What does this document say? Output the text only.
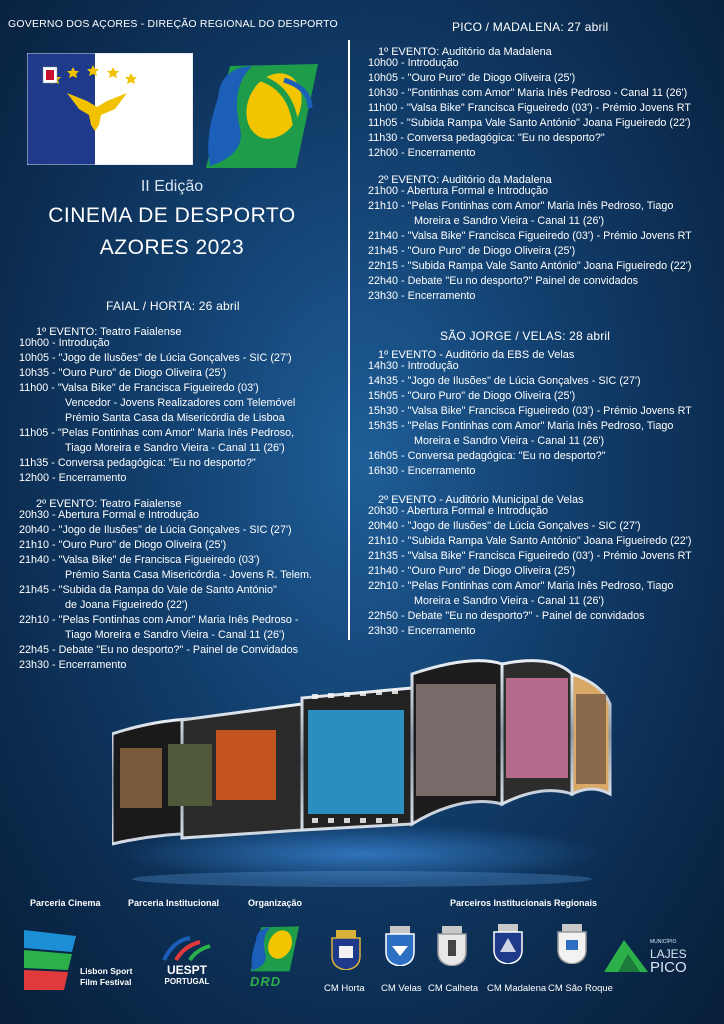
GOVERNO DOS AÇORES - DIREÇÃO REGIONAL DO DESPORTO
II Edição
CINEMA DE DESPORTO
AZORES 2023
FAIAL / HORTA: 26 abril
1º EVENTO: Teatro Faialense
10h00 - Introdução
10h05 - "Jogo de Ilusões" de Lúcia Gonçalves - SIC (27')
10h35 - "Ouro Puro" de Diogo Oliveira (25')
11h00 - "Valsa Bike" de Francisca Figueiredo (03')
Vencedor - Jovens Realizadores com Telemóvel
Prémio Santa Casa da Misericórdia de Lisboa
11h05 - "Pelas Fontinhas com Amor" Maria Inês Pedroso,
Tiago Moreira e Sandro Vieira - Canal 11 (26')
11h35 - Conversa pedagógica: "Eu no desporto?"
12h00 - Encerramento
2º EVENTO: Teatro Faialense
20h30 - Abertura Formal e Introdução
20h40 - "Jogo de Ilusões" de Lúcia Gonçalves - SIC (27')
21h10 - "Ouro Puro" de Diogo Oliveira (25')
21h40 - "Valsa Bike" de Francisca Figueiredo (03')
Prémio Santa Casa Misericórdia - Jovens R. Telem.
21h45 - "Subida da Rampa do Vale de Santo António"
de Joana Figueiredo (22')
22h10 - "Pelas Fontinhas com Amor" Maria Inês Pedroso -
Tiago Moreira e Sandro Vieira - Canal 11 (26')
22h45 - Debate "Eu no desporto?" - Painel de Convidados
23h30 - Encerramento
PICO / MADALENA: 27 abril
1º EVENTO: Auditório da Madalena
10h00 - Introdução
10h05 - "Ouro Puro" de Diogo Oliveira (25')
10h30 - "Fontinhas com Amor" Maria Inês Pedroso - Canal 11 (26')
11h00 - "Valsa Bike" Francisca Figueiredo (03') - Prémio Jovens RT
11h05 - "Subida Rampa Vale Santo António" Joana Figueiredo (22')
11h30 - Conversa pedagógica: "Eu no desporto?"
12h00 - Encerramento
2º EVENTO: Auditório da Madalena
21h00 - Abertura Formal e Introdução
21h10 - "Pelas Fontinhas com Amor" Maria Inês Pedroso, Tiago
Moreira e Sandro Vieira - Canal 11 (26')
21h40 - "Valsa Bike" Francisca Figueiredo (03') - Prémio Jovens RT
21h45 - "Ouro Puro" de Diogo Oliveira (25')
22h15 - "Subida Rampa Vale Santo António" Joana Figueiredo (22')
22h40 - Debate "Eu no desporto?" Painel de convidados
23h30 - Encerramento
SÃO JORGE / VELAS: 28 abril
1º EVENTO - Auditório da EBS de Velas
14h30 - Introdução
14h35 - "Jogo de Ilusões" de Lúcia Gonçalves - SIC (27')
15h05 - "Ouro Puro" de Diogo Oliveira (25')
15h30 - "Valsa Bike" Francisca Figueiredo (03') - Prémio Jovens RT
15h35 - "Pelas Fontinhas com Amor" Maria Inês Pedroso, Tiago
Moreira e Sandro Vieira - Canal 11 (26')
16h05 - Conversa pedagógica: "Eu no desporto?"
16h30 - Encerramento
2º EVENTO - Auditório Municipal de Velas
20h30 - Abertura Formal e Introdução
20h40 - "Jogo de Ilusões" de Lúcia Gonçalves - SIC (27')
21h10 - "Subida Rampa Vale Santo António" Joana Figueiredo (22')
21h35 - "Valsa Bike" Francisca Figueiredo (03') - Prémio Jovens RT
21h40 - "Ouro Puro" de Diogo Oliveira (25')
22h10 - "Pelas Fontinhas com Amor" Maria Inês Pedroso, Tiago
Moreira e Sandro Vieira - Canal 11 (26')
22h50 - Debate "Eu no desporto?" - Painel de convidados
23h30 - Encerramento
Parceria Cinema	Parceria Institucional	Organização	Parceiros Institucionais Regionais
Lisbon Sport
Film Festival
UESPT
PORTUGAL	DRD
MUNICÍPIO
LAJES
PICO
CM Horta CM Velas CM Calheta CM Madalena CM São Roque
